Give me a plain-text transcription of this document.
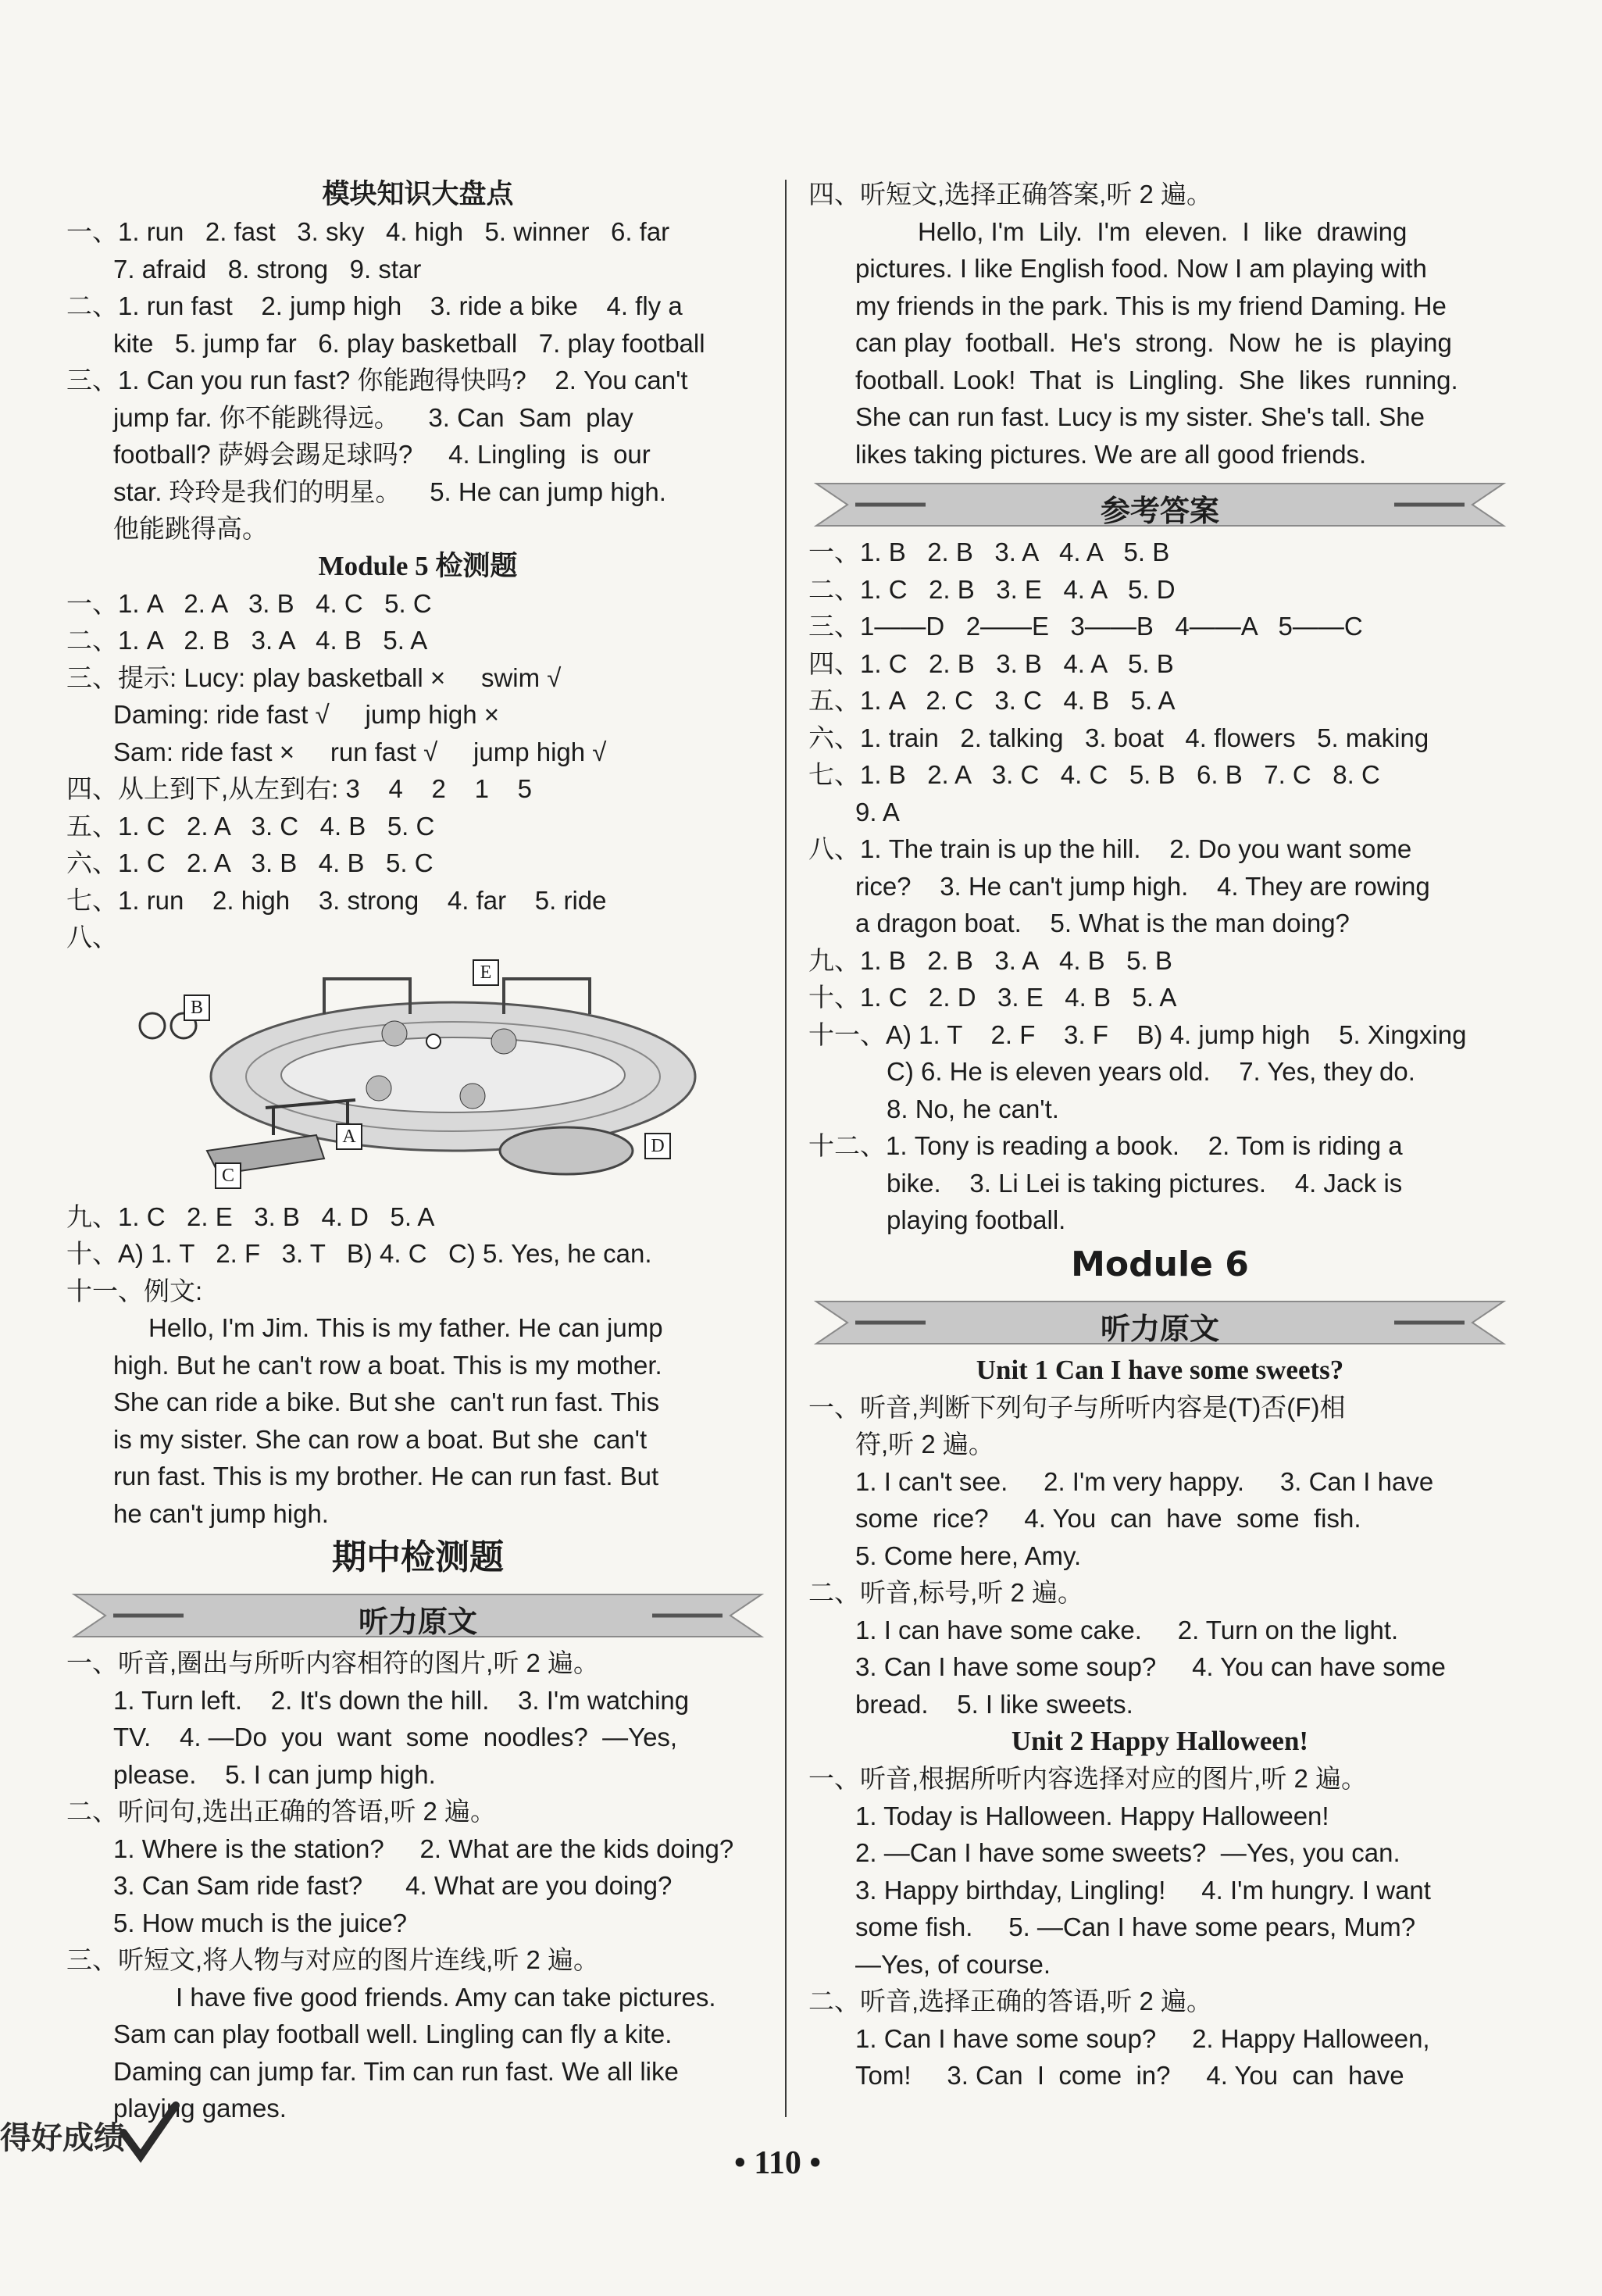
模块知识大盘点
一、1. run   2. fast   3. sky   4. high   5. winner   6. far
7. afraid   8. strong   9. star
二、1. run fast    2. jump high    3. ride a bike    4. fly a
kite   5. jump far   6. play basketball   7. play football
三、1. Can you run fast? 你能跑得快吗?    2. You can't
jump far. 你不能跳得远。    3. Can  Sam  play
football? 萨姆会踢足球吗?     4. Lingling  is  our
star. 玲玲是我们的明星。    5. He can jump high.
他能跳得高。
Module 5 检测题
一、1. A   2. A   3. B   4. C   5. C
二、1. A   2. B   3. A   4. B   5. A
三、提示: Lucy: play basketball ×     swim √
Daming: ride fast √     jump high ×
Sam: ride fast ×     run fast √     jump high √
四、从上到下,从左到右: 3    4    2    1    5
五、1. C   2. A   3. C   4. B   5. C
六、1. C   2. A   3. B   4. B   5. C
七、1. run    2. high    3. strong    4. far    5. ride
八、
B
E
A
C
D
九、1. C   2. E   3. B   4. D   5. A
十、A) 1. T   2. F   3. T   B) 4. C   C) 5. Yes, he can.
十一、例文:
Hello, I'm Jim. This is my father. He can jump
high. But he can't row a boat. This is my mother.
She can ride a bike. But she  can't run fast. This
is my sister. She can row a boat. But she  can't
run fast. This is my brother. He can run fast. But
he can't jump high.
期中检测题
听力原文
一、听音,圈出与所听内容相符的图片,听 2 遍。
1. Turn left.    2. It's down the hill.    3. I'm watching
TV.    4. —Do  you  want  some  noodles?  —Yes,
please.    5. I can jump high.
二、听问句,选出正确的答语,听 2 遍。
1. Where is the station?     2. What are the kids doing?
3. Can Sam ride fast?      4. What are you doing?
5. How much is the juice?
三、听短文,将人物与对应的图片连线,听 2 遍。
I have five good friends. Amy can take pictures.
Sam can play football well. Lingling can fly a kite.
Daming can jump far. Tim can run fast. We all like
playing games.
四、听短文,选择正确答案,听 2 遍。
Hello, I'm  Lily.  I'm  eleven.  I  like  drawing
pictures. I like English food. Now I am playing with
my friends in the park. This is my friend Daming. He
can play  football.  He's  strong.  Now  he  is  playing
football. Look!  That  is  Lingling.  She  likes  running.
She can run fast. Lucy is my sister. She's tall. She
likes taking pictures. We are all good friends.
参考答案
一、1. B   2. B   3. A   4. A   5. B
二、1. C   2. B   3. E   4. A   5. D
三、1——D   2——E   3——B   4——A   5——C
四、1. C   2. B   3. B   4. A   5. B
五、1. A   2. C   3. C   4. B   5. A
六、1. train   2. talking   3. boat   4. flowers   5. making
七、1. B   2. A   3. C   4. C   5. B   6. B   7. C   8. C
9. A
八、1. The train is up the hill.    2. Do you want some
rice?    3. He can't jump high.    4. They are rowing
a dragon boat.    5. What is the man doing?
九、1. B   2. B   3. A   4. B   5. B
十、1. C   2. D   3. E   4. B   5. A
十一、A) 1. T    2. F    3. F    B) 4. jump high    5. Xingxing
C) 6. He is eleven years old.    7. Yes, they do.
8. No, he can't.
十二、1. Tony is reading a book.    2. Tom is riding a
bike.    3. Li Lei is taking pictures.    4. Jack is
playing football.
Module 6
听力原文
Unit 1 Can I have some sweets?
一、听音,判断下列句子与所听内容是(T)否(F)相
符,听 2 遍。
1. I can't see.     2. I'm very happy.     3. Can I have
some  rice?     4. You  can  have  some  fish.
5. Come here, Amy.
二、听音,标号,听 2 遍。
1. I can have some cake.     2. Turn on the light.
3. Can I have some soup?     4. You can have some
bread.    5. I like sweets.
Unit 2 Happy Halloween!
一、听音,根据所听内容选择对应的图片,听 2 遍。
1. Today is Halloween. Happy Halloween!
2. —Can I have some sweets?  —Yes, you can.
3. Happy birthday, Lingling!     4. I'm hungry. I want
some fish.     5. —Can I have some pears, Mum?
—Yes, of course.
二、听音,选择正确的答语,听 2 遍。
1. Can I have some soup?     2. Happy Halloween,
Tom!     3. Can  I  come  in?     4. You  can  have
得好成绩
• 110 •
